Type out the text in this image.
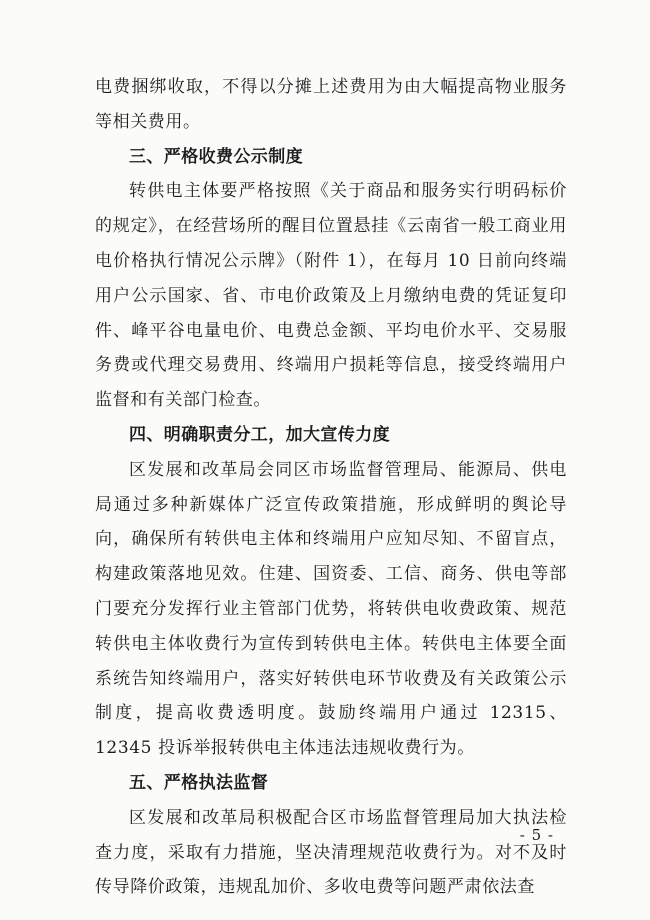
电费捆绑收取，不得以分摊上述费用为由大幅提高物业服务等相关费用。

三、严格收费公示制度

转供电主体要严格按照《关于商品和服务实行明码标价的规定》，在经营场所的醒目位置悬挂《云南省一般工商业用电价格执行情况公示牌》（附件 1），在每月 10 日前向终端用户公示国家、省、市电价政策及上月缴纳电费的凭证复印件、峰平谷电量电价、电费总金额、平均电价水平、交易服务费或代理交易费用、终端用户损耗等信息，接受终端用户监督和有关部门检查。

四、明确职责分工，加大宣传力度

区发展和改革局会同区市场监督管理局、能源局、供电局通过多种新媒体广泛宣传政策措施，形成鲜明的舆论导向，确保所有转供电主体和终端用户应知尽知、不留盲点，构建政策落地见效。住建、国资委、工信、商务、供电等部门要充分发挥行业主管部门优势，将转供电收费政策、规范转供电主体收费行为宣传到转供电主体。转供电主体要全面系统告知终端用户，落实好转供电环节收费及有关政策公示制度，提高收费透明度。鼓励终端用户通过 12315、12345 投诉举报转供电主体违法违规收费行为。

五、严格执法监督

区发展和改革局积极配合区市场监督管理局加大执法检查力度，采取有力措施，坚决清理规范收费行为。对不及时传导降价政策，违规乱加价、多收电费等问题严肃依法查

- 5 -
